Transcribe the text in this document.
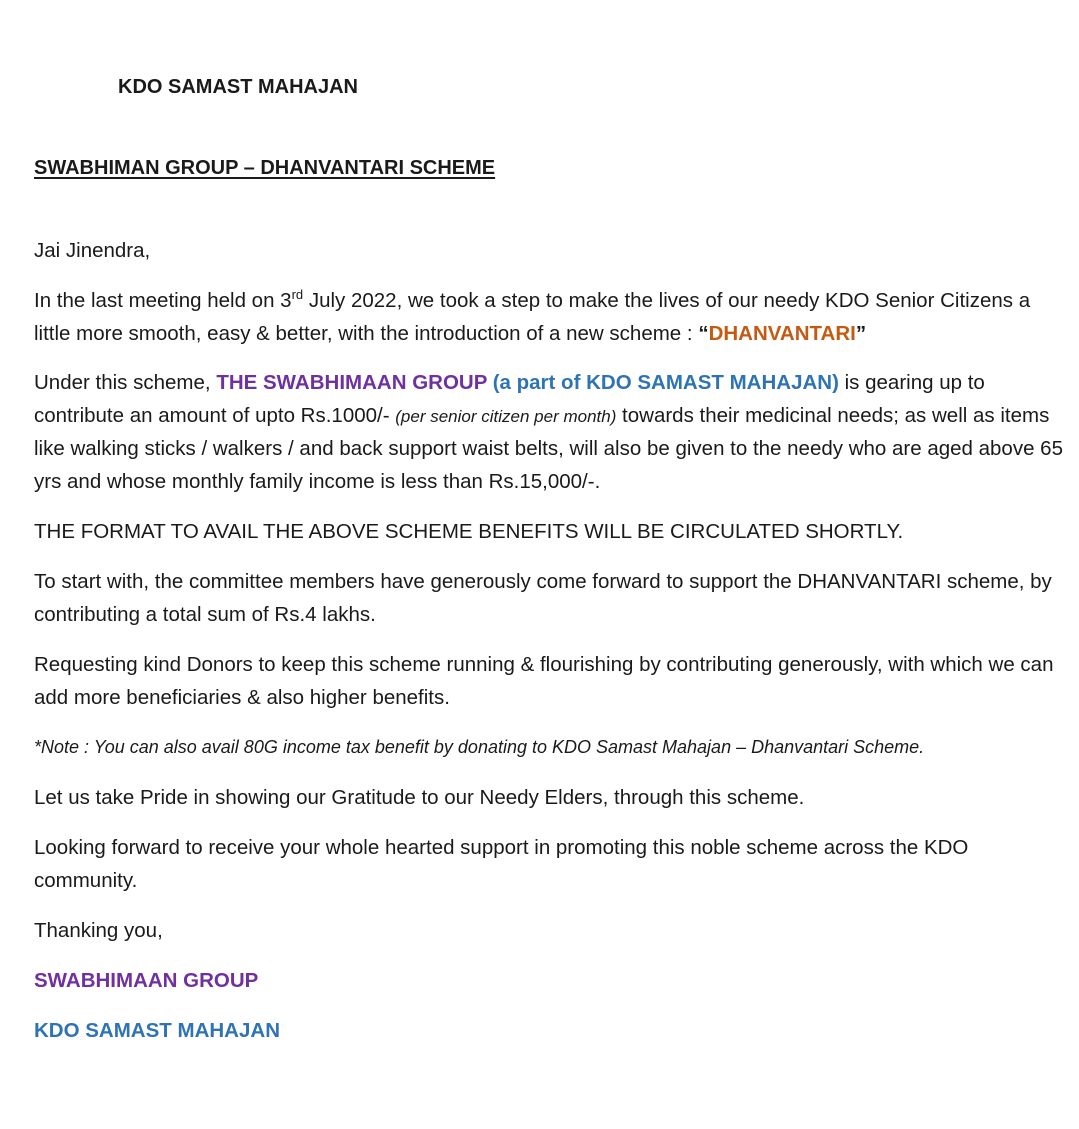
KDO SAMAST MAHAJAN
SWABHIMAN GROUP – DHANVANTARI SCHEME

Jai Jinendra,

In the last meeting held on 3rd July 2022, we took a step to make the lives of our needy KDO Senior Citizens a little more smooth, easy & better, with the introduction of a new scheme : “DHANVANTARI”

Under this scheme, THE SWABHIMAAN GROUP (a part of KDO SAMAST MAHAJAN) is gearing up to contribute an amount of upto Rs.1000/- (per senior citizen per month) towards their medicinal needs; as well as items like walking sticks / walkers / and back support waist belts, will also be given to the needy who are aged above 65 yrs and whose monthly family income is less than Rs.15,000/-.

THE FORMAT TO AVAIL THE ABOVE SCHEME BENEFITS WILL BE CIRCULATED SHORTLY.

To start with, the committee members have generously come forward to support the DHANVANTARI scheme, by contributing a total sum of Rs.4 lakhs.

Requesting kind Donors to keep this scheme running & flourishing by contributing generously, with which we can add more beneficiaries & also higher benefits.

*Note : You can also avail 80G income tax benefit by donating to KDO Samast Mahajan – Dhanvantari Scheme.

Let us take Pride in showing our Gratitude to our Needy Elders, through this scheme.

Looking forward to receive your whole hearted support in promoting this noble scheme across the KDO community.

Thanking you,

SWABHIMAAN GROUP

KDO SAMAST MAHAJAN
